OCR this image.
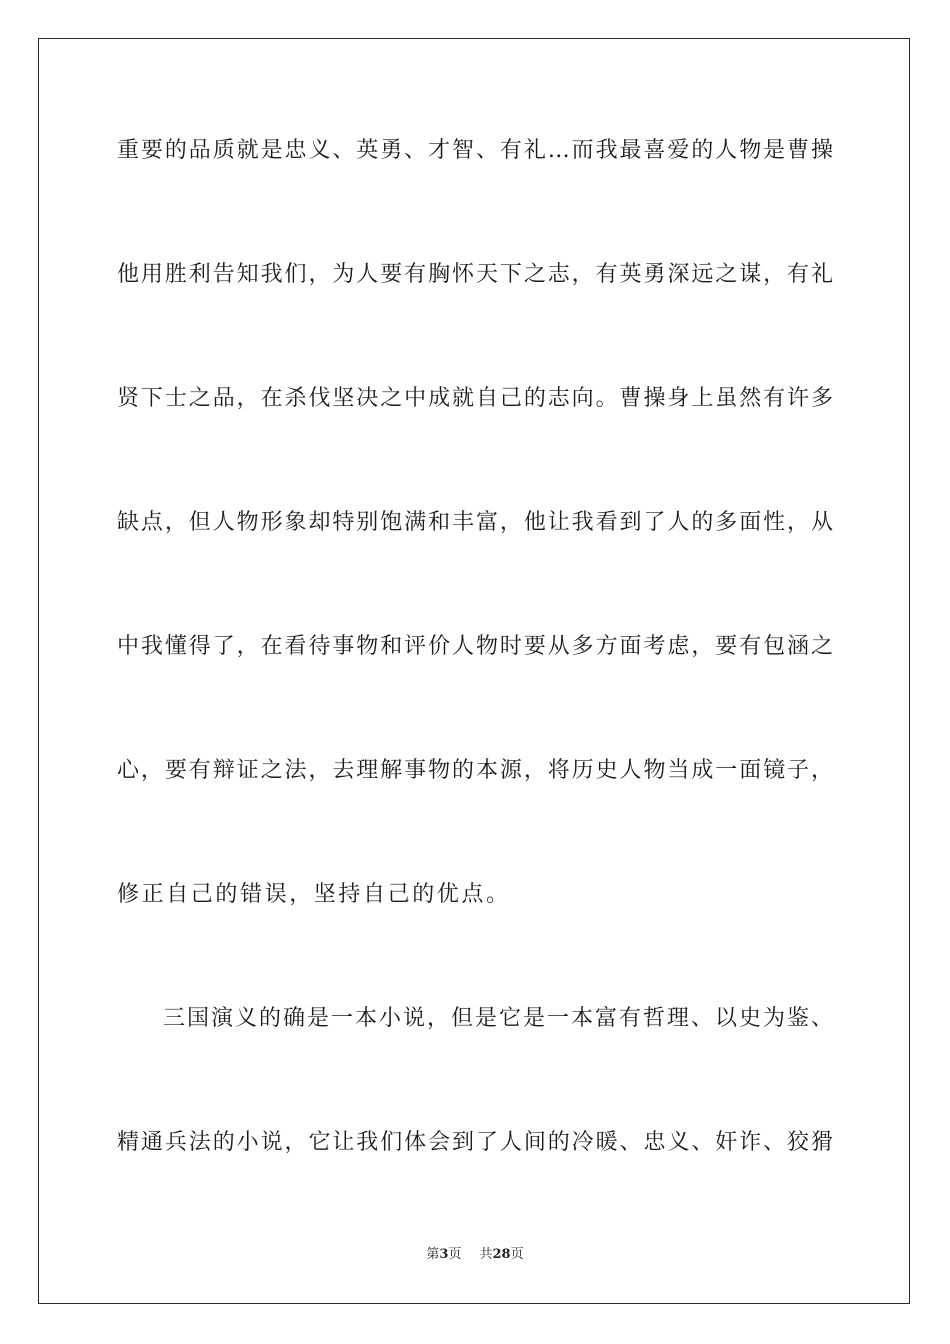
重要的品质就是忠义、英勇、才智、有礼…而我最喜爱的人物是曹操
他用胜利告知我们，为人要有胸怀天下之志，有英勇深远之谋，有礼
贤下士之品，在杀伐坚决之中成就自己的志向。曹操身上虽然有许多
缺点，但人物形象却特别饱满和丰富，他让我看到了人的多面性，从
中我懂得了，在看待事物和评价人物时要从多方面考虑，要有包涵之
心，要有辩证之法，去理解事物的本源，将历史人物当成一面镜子，
修正自己的错误，坚持自己的优点。
三国演义的确是一本小说，但是它是一本富有哲理、以史为鉴、
精通兵法的小说，它让我们体会到了人间的冷暖、忠义、奸诈、狡猾
第3页 共28页
